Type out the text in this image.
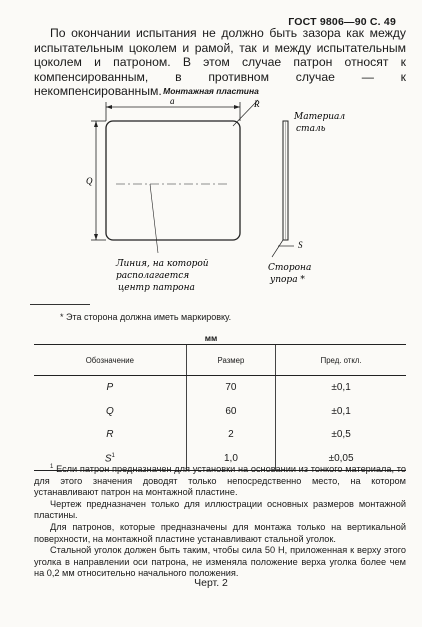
ГОСТ 9806—90 С. 49

По окончании испытания не должно быть зазора как между испытательным цоколем и рамой, так и между испытательным цоколем и патроном. В этом случае патрон относят к компенсированным, в противном случае — к некомпенсированным. Монтажная пластина
a
Q
R
Линия, на которой
располагается
центр патрона
Материал
сталь
S
Сторона
упора *
* Эта сторона должна иметь маркировку.
мм
Обозначение	Размер	Пред. откл.
P	70	±0,1
Q	60	±0,1
R	2	±0,5
$S^1$	1,0	±0,05

$^1$ Если патрон предназначен для установки на основании из тонкого материала, то для этого значения доводят только непосредственно место, на котором устанавливают патрон на монтажной пластине.

Чертеж предназначен только для иллюстрации основных размеров монтажной пластины.

Для патронов, которые предназначены для монтажа только на вертикальной поверхности, на монтажной пластине устанавливают стальной уголок.

Стальной уголок должен быть таким, чтобы сила 50 Н, приложенная к верху этого уголка в направлении оси патрона, не изменяла положение верха уголка более чем на 0,2 мм относительно начального положения.

Черт. 2
